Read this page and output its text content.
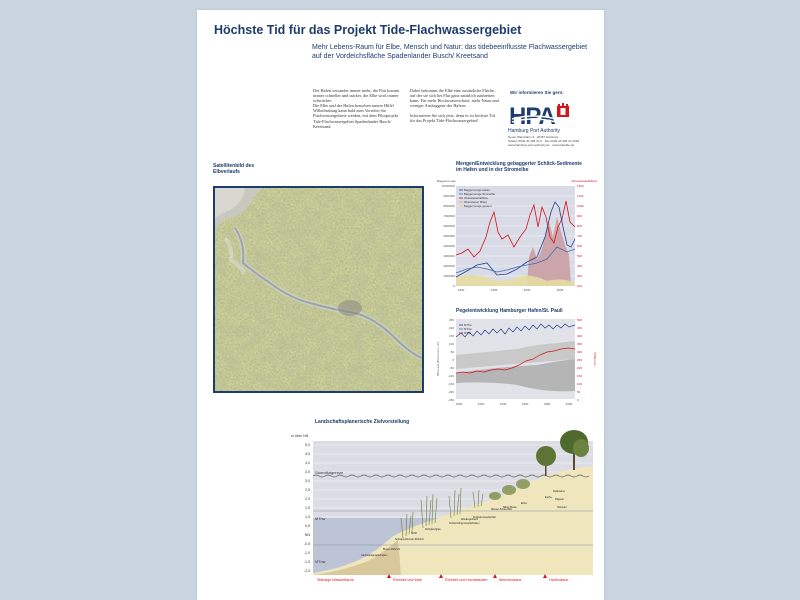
Höchste Tid für das Projekt Tide-Flachwassergebiet
Mehr Lebens-Raum für Elbe, Mensch und Natur: das tidebeeinflusste Flachwassergebiet auf der Vordeichsfläche Spadenlander Busch/ Kreetsand
Der Hafen versandet immer mehr, die Flut kommt immer schneller und stärker, die Elbe wird immer schwächer.
Die Elbe und der Hafen brauchen unsere Hilfe!
Wilhelmsburg kann bald zum Vorreiter für Flachwassergebiete werden, mit dem Pilotprojekt Tide-Flachwassergebiet Spadenlander Busch/ Kreetsand.
Dabei bekommt die Elbe eine zusätzliche Fläche, auf der sie sich bei Flut ganz natürlich ausbreiten kann. Für mehr Hochwasserschutz, mehr Natur und weniger Ausbaggern des Hafens.
Informieren Sie sich jetzt, denn es ist höchste Tid für das Projekt Tide-Flachwassergebiet!
Wir informieren Sie gern:
HPA
Hamburg Port Authority
Neuer Wandrahm 4 · 20457 Hamburg
Telefon 0049 40 428 47-0 · Fax 0049 40 428 47-2339
www.hamburg-port-authority.de · www.tideelbe.de
Satellitenbild des
Elbverlaufs
Mengen/Entwicklung gebaggerter Schlick-Sedimente
im Hafen und in der Stromelbe
Baggermenge	Oberwasserabfluss
Baggermenge Hafen
Baggermenge Stromelbe
Oberwasserabfluss
Oberwasser Mittel
Baggermenge gesamt
10000000
9000000
8000000
7000000
6000000
5000000
4000000
3000000
2000000
1000000
0
1200
1100
1000
900
800
700
600
500
400
300
200
1990	1995	2000	2005
Pegelentwicklung Hamburger Hafen/St. Pauli
MThw
MTnw
MThb
MThw und MTnw in cm ü. NN	MThb in cm
250
200
150
100
50
0
-50
-100
-150
-200
-250
500
450
400
350
300
250
200
150
100
50
0
1900	1920	1940	1960	1980	2000
Landschaftsplanerische Zielvorstellung
m über NN
Sturmflutgrenze
MThw
MTnw
Laichkrautgesellschaften
Binsen-Röhricht
Schwanenblumen-Röhricht
Schilf
Rohrglanzgras
Schlammling-Gesellschaften
Weidengebüsch
Flußnde-Gesellschaft
Wasser-Schwertlilie
Silber-Weide
Eiche
Esche
Flatterulme
Pappeln
Holunder
5,0
4,5
4,0
3,5
3,0
2,5
2,0
1,5
1,0
0,5
NN
-0,5
-1,0
-1,5
-2,0
Ständige Wasserfläche	Röhricht und Watt	Röhricht und Hochstauden	Weichholzaue	Hartholzaue
